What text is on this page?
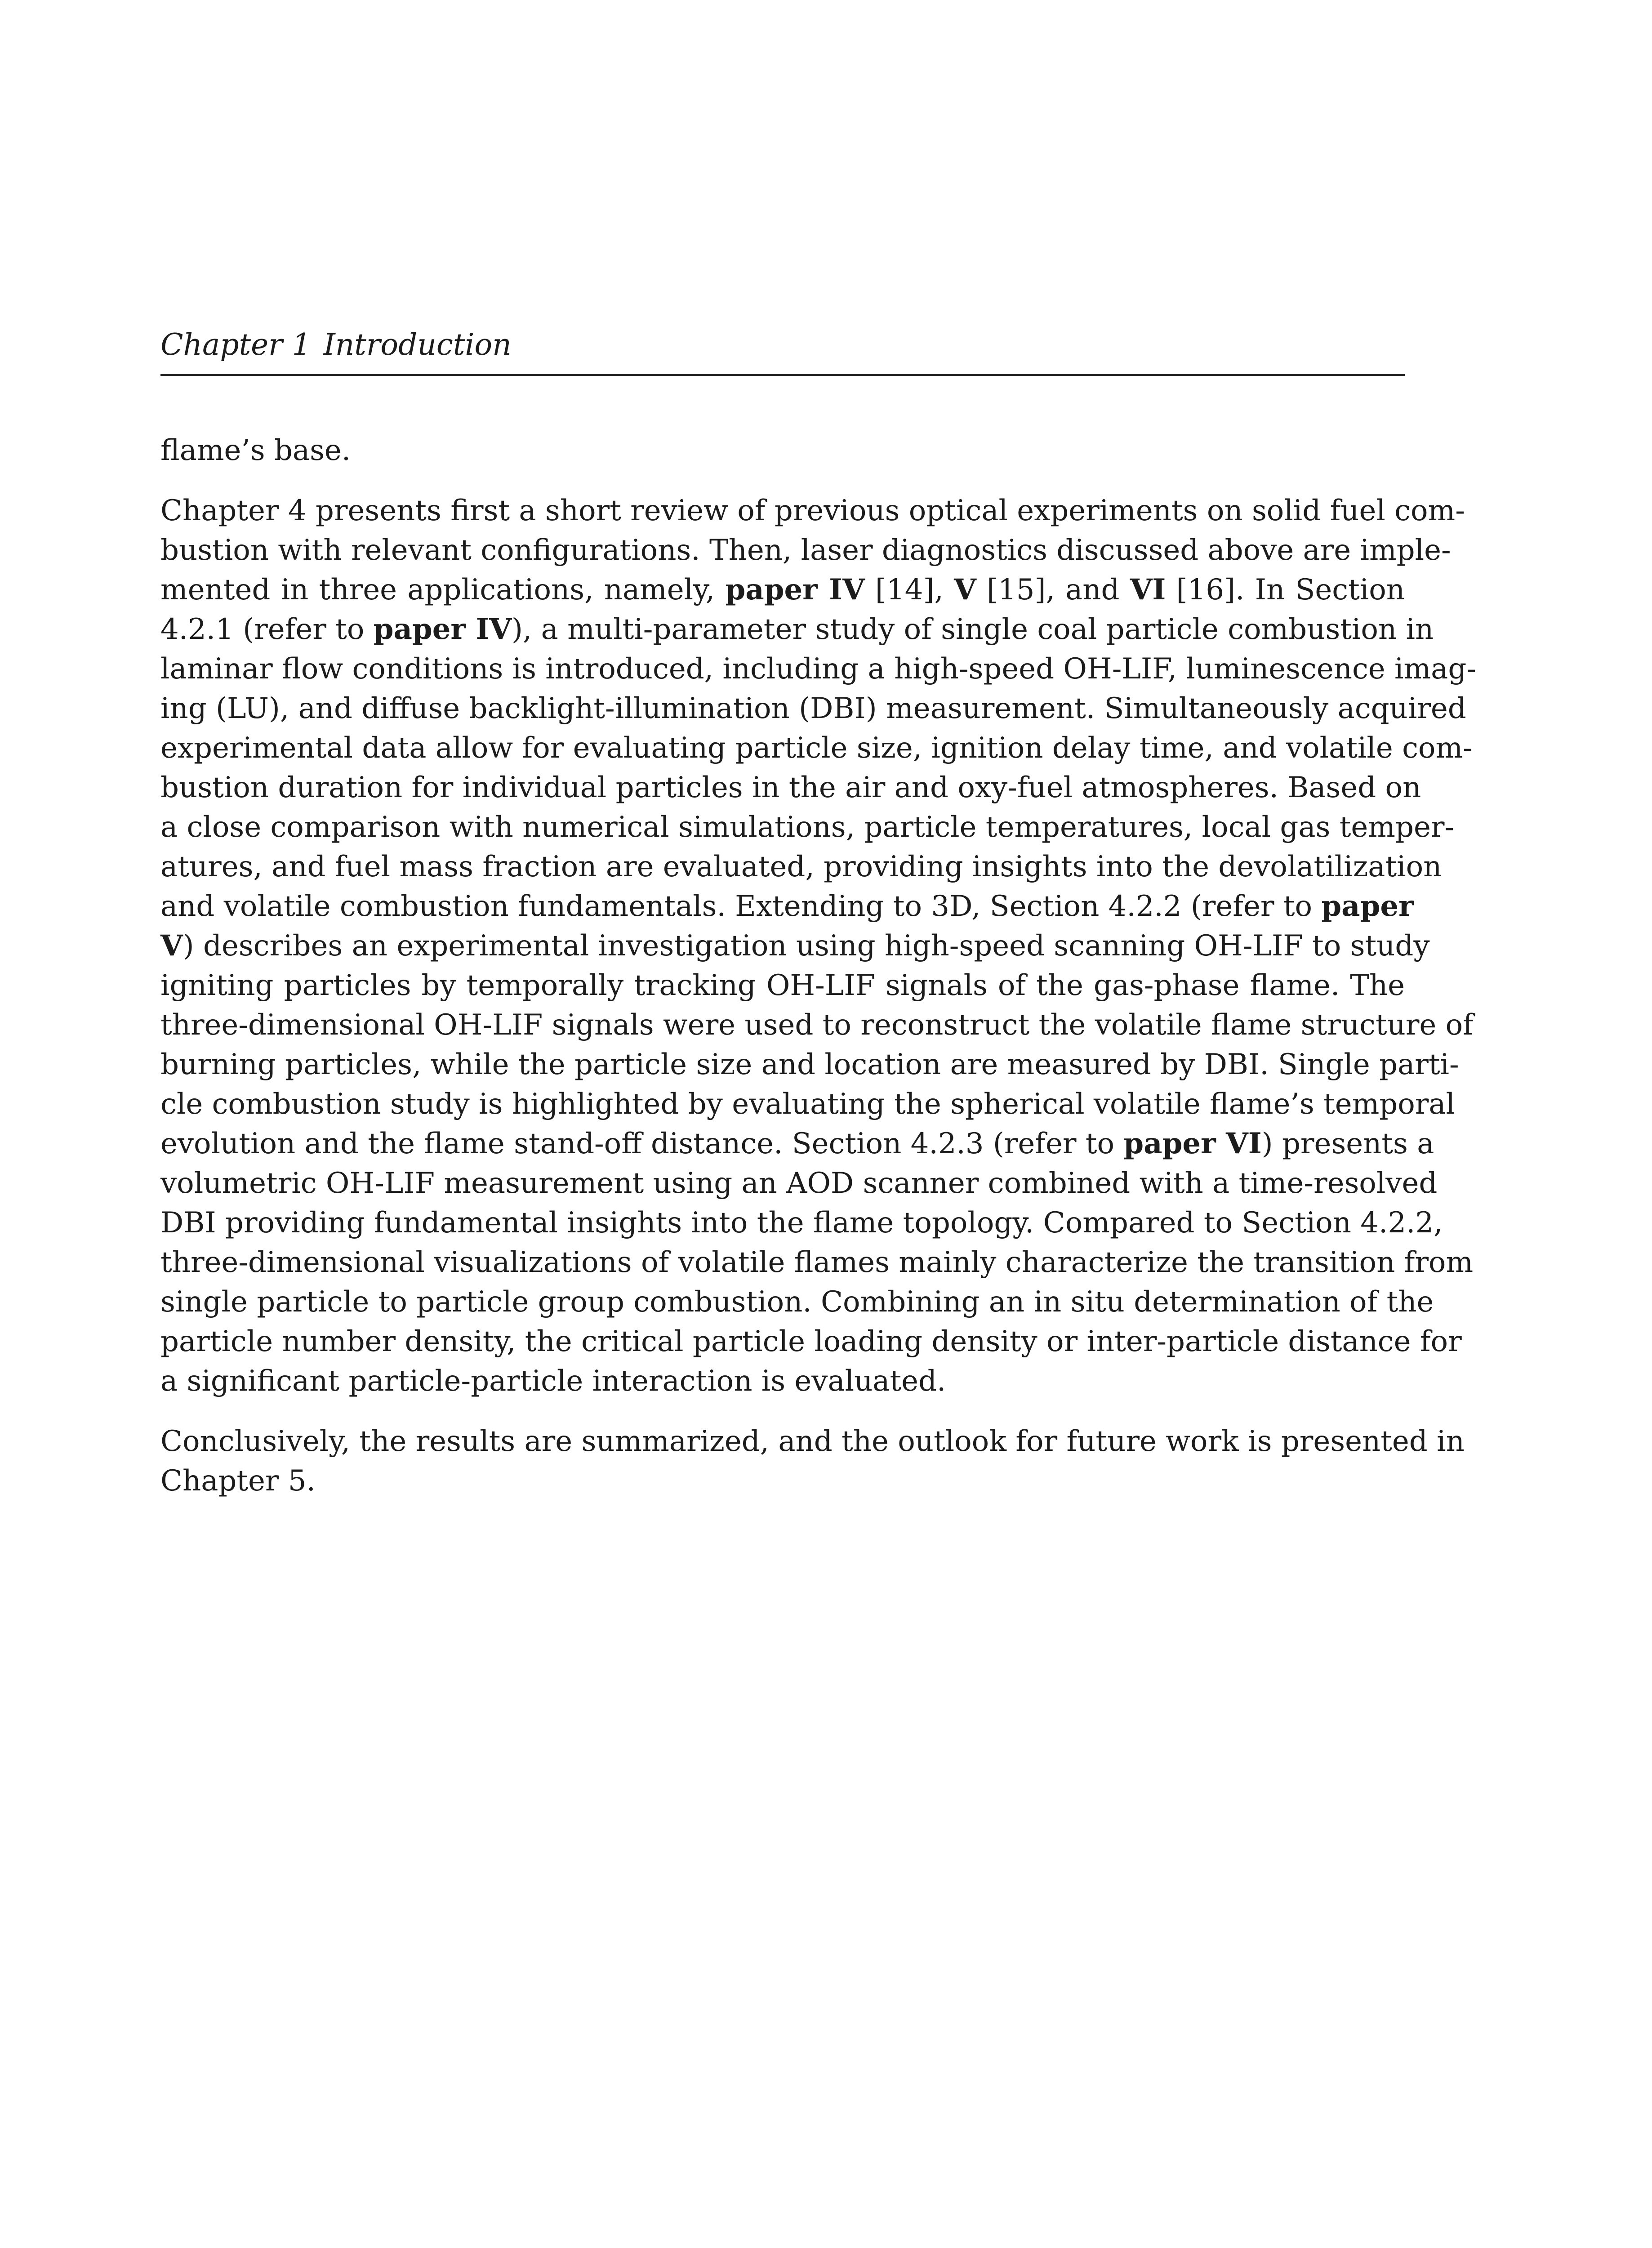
Chapter 1 Introduction
flame’s base.
Chapter 4 presents first a short review of previous optical experiments on solid fuel com-
bustion with relevant configurations. Then, laser diagnostics discussed above are imple-
mented in three applications, namely, paper IV [14], V [15], and VI [16]. In Section
4.2.1 (refer to paper IV), a multi-parameter study of single coal particle combustion in
laminar flow conditions is introduced, including a high-speed OH-LIF, luminescence imag-
ing (LU), and diffuse backlight-illumination (DBI) measurement. Simultaneously acquired
experimental data allow for evaluating particle size, ignition delay time, and volatile com-
bustion duration for individual particles in the air and oxy-fuel atmospheres. Based on
a close comparison with numerical simulations, particle temperatures, local gas temper-
atures, and fuel mass fraction are evaluated, providing insights into the devolatilization
and volatile combustion fundamentals. Extending to 3D, Section 4.2.2 (refer to paper
V) describes an experimental investigation using high-speed scanning OH-LIF to study
igniting particles by temporally tracking OH-LIF signals of the gas-phase flame. The
three-dimensional OH-LIF signals were used to reconstruct the volatile flame structure of
burning particles, while the particle size and location are measured by DBI. Single parti-
cle combustion study is highlighted by evaluating the spherical volatile flame’s temporal
evolution and the flame stand-off distance. Section 4.2.3 (refer to paper VI) presents a
volumetric OH-LIF measurement using an AOD scanner combined with a time-resolved
DBI providing fundamental insights into the flame topology. Compared to Section 4.2.2,
three-dimensional visualizations of volatile flames mainly characterize the transition from
single particle to particle group combustion. Combining an in situ determination of the
particle number density, the critical particle loading density or inter-particle distance for
a significant particle-particle interaction is evaluated.
Conclusively, the results are summarized, and the outlook for future work is presented in
Chapter 5.
